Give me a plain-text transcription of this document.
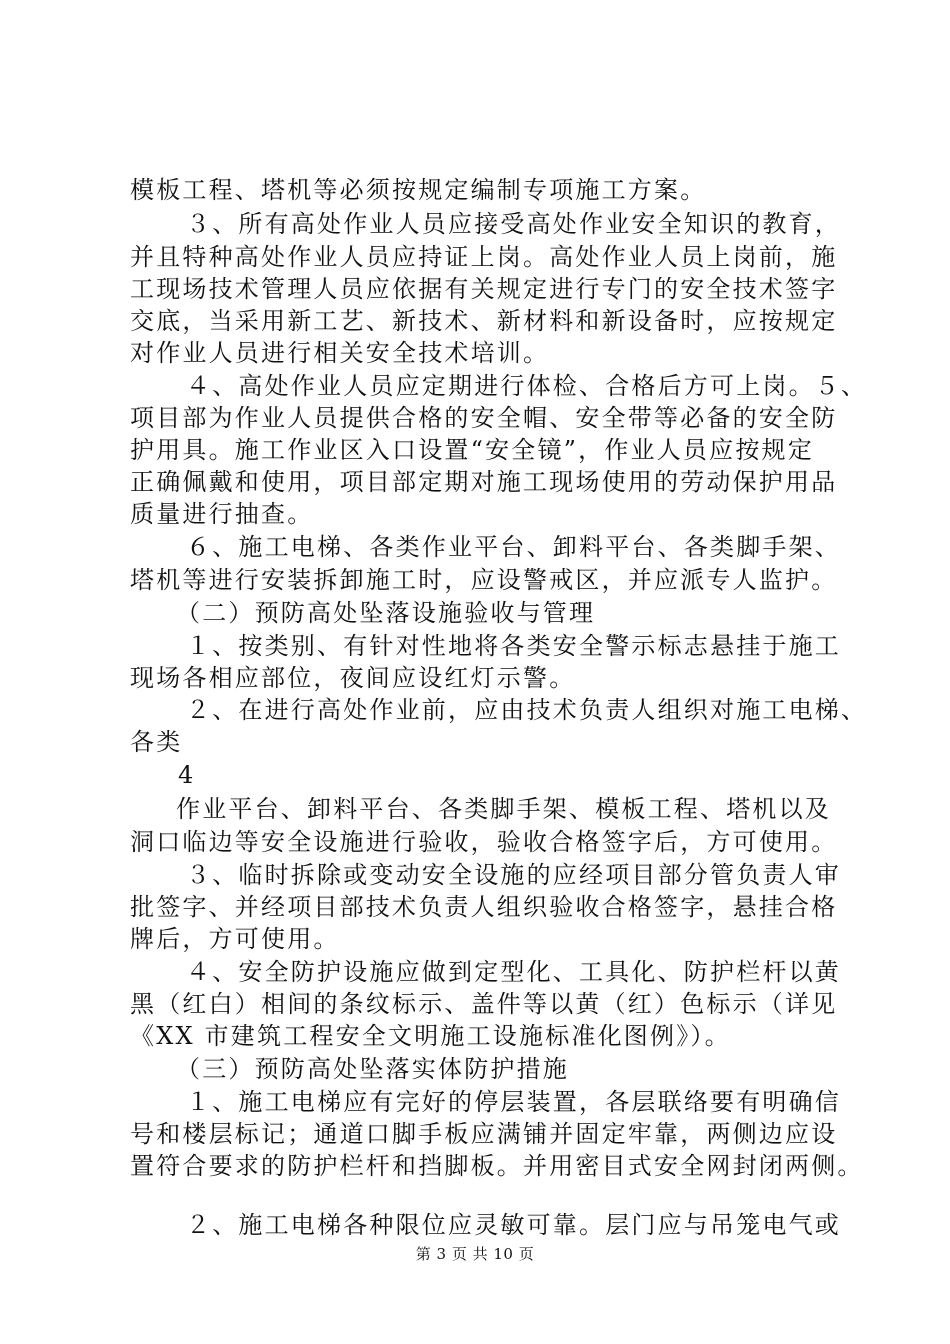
模板工程、塔机等必须按规定编制专项施工方案。
３、所有高处作业人员应接受高处作业安全知识的教育，
并且特种高处作业人员应持证上岗。高处作业人员上岗前，施
工现场技术管理人员应依据有关规定进行专门的安全技术签字
交底，当采用新工艺、新技术、新材料和新设备时，应按规定
对作业人员进行相关安全技术培训。
４、高处作业人员应定期进行体检、合格后方可上岗。５、
项目部为作业人员提供合格的安全帽、安全带等必备的安全防
护用具。施工作业区入口设置“安全镜”，作业人员应按规定
正确佩戴和使用，项目部定期对施工现场使用的劳动保护用品
质量进行抽查。
６、施工电梯、各类作业平台、卸料平台、各类脚手架、
塔机等进行安装拆卸施工时，应设警戒区，并应派专人监护。
（二）预防高处坠落设施验收与管理
１、按类别、有针对性地将各类安全警示标志悬挂于施工
现场各相应部位，夜间应设红灯示警。
２、在进行高处作业前，应由技术负责人组织对施工电梯、
各类
4
作业平台、卸料平台、各类脚手架、模板工程、塔机以及
洞口临边等安全设施进行验收，验收合格签字后，方可使用。
３、临时拆除或变动安全设施的应经项目部分管负责人审
批签字、并经项目部技术负责人组织验收合格签字，悬挂合格
牌后，方可使用。
４、安全防护设施应做到定型化、工具化、防护栏杆以黄
黑（红白）相间的条纹标示、盖件等以黄（红）色标示（详见
《XX 市建筑工程安全文明施工设施标准化图例》）。
（三）预防高处坠落实体防护措施
１、施工电梯应有完好的停层装置，各层联络要有明确信
号和楼层标记；通道口脚手板应满铺并固定牢靠，两侧边应设
置符合要求的防护栏杆和挡脚板。并用密目式安全网封闭两侧。
２、施工电梯各种限位应灵敏可靠。层门应与吊笼电气或
第 3 页 共 10 页
